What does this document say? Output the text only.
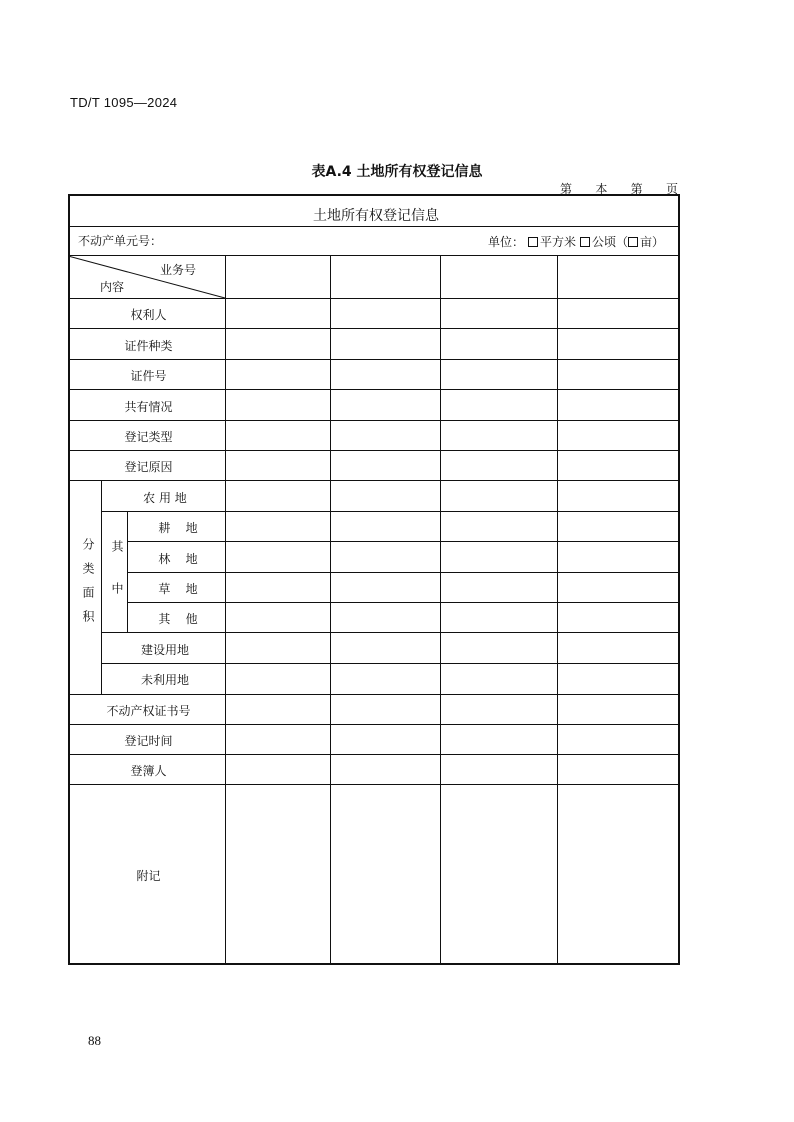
TD/T 1095—2024
表A.4 土地所有权登记信息
第 本 第 页
土地所有权登记信息
不动产单元号：	单位： 平方米 公顷（ 亩）
业务号
内容
权利人
证件种类
证件号
共有情况
登记类型
登记原因
分类面积
农 用 地
其中
耕    地
林    地
草    地
其    他
建设用地
未利用地
不动产权证书号
登记时间
登簿人
附记
88
